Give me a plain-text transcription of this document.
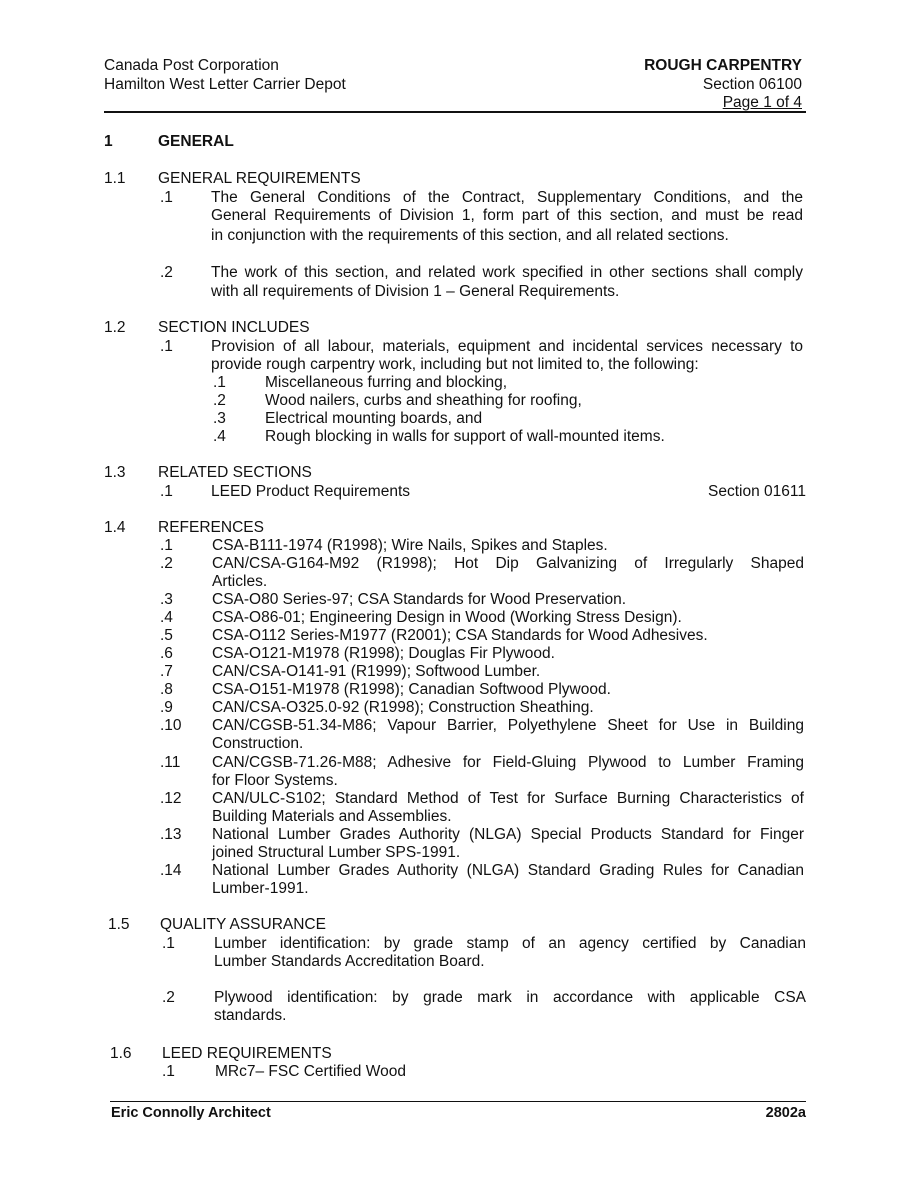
Canada Post Corporation
Hamilton West Letter Carrier Depot
ROUGH CARPENTRY
Section 06100
Page 1 of 4
1	GENERAL
1.1 GENERAL REQUIREMENTS
.1 The General Conditions of the Contract, Supplementary Conditions, and the
General Requirements of Division 1, form part of this section, and must be read
in conjunction with the requirements of this section, and all related sections.
.2 The work of this section, and related work specified in other sections shall comply
with all requirements of Division 1 – General Requirements.
1.2 SECTION INCLUDES
.1 Provision of all labour, materials, equipment and incidental services necessary to
provide rough carpentry work, including but not limited to, the following:
.1	Miscellaneous furring and blocking,
.2	Wood nailers, curbs and sheathing for roofing,
.3	Electrical mounting boards, and
.4	Rough blocking in walls for support of wall-mounted items.
1.3 RELATED SECTIONS
.1 LEED Product Requirements	Section 01611
1.4 REFERENCES
.1	CSA-B111-1974 (R1998); Wire Nails, Spikes and Staples.
.2	CAN/CSA-G164-M92 (R1998); Hot Dip Galvanizing of Irregularly Shaped
Articles.
.3	CSA-O80 Series-97; CSA Standards for Wood Preservation.
.4	CSA-O86-01; Engineering Design in Wood (Working Stress Design).
.5	CSA-O112 Series-M1977 (R2001); CSA Standards for Wood Adhesives.
.6	CSA-O121-M1978 (R1998); Douglas Fir Plywood.
.7	CAN/CSA-O141-91 (R1999); Softwood Lumber.
.8	CSA-O151-M1978 (R1998); Canadian Softwood Plywood.
.9	CAN/CSA-O325.0-92 (R1998); Construction Sheathing.
.10 CAN/CGSB-51.34-M86; Vapour Barrier, Polyethylene Sheet for Use in Building
Construction.
.11 CAN/CGSB-71.26-M88; Adhesive for Field-Gluing Plywood to Lumber Framing
for Floor Systems.
.12 CAN/ULC-S102; Standard Method of Test for Surface Burning Characteristics of
Building Materials and Assemblies.
.13 National Lumber Grades Authority (NLGA) Special Products Standard for Finger
joined Structural Lumber SPS-1991.
.14 National Lumber Grades Authority (NLGA) Standard Grading Rules for Canadian
Lumber-1991.
1.5 QUALITY ASSURANCE
.1	Lumber identification: by grade stamp of an agency certified by Canadian
Lumber Standards Accreditation Board.
.2	Plywood identification: by grade mark in accordance with applicable CSA
standards.
1.6 LEED REQUIREMENTS
.1	MRc7– FSC Certified Wood
Eric Connolly Architect	2802a
